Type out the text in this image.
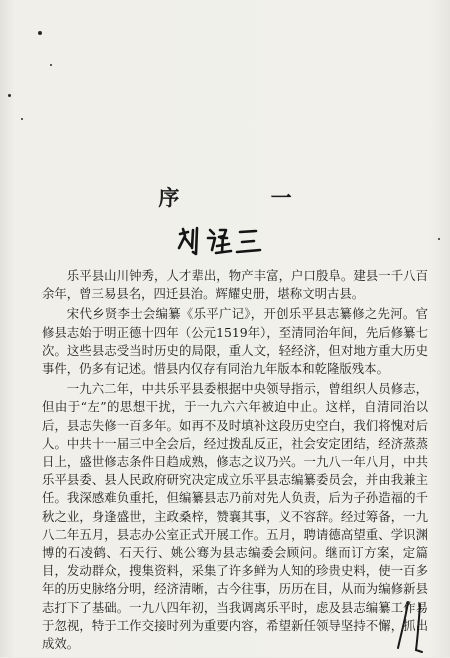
序 一

乐平县山川钟秀，人才辈出，物产丰富，户口殷阜。建县一千八百余年，曾三易县名，四迁县治。辉耀史册，堪称文明古县。

宋代乡贤李士会编纂《乐平广记》，开创乐平县志纂修之先河。官修县志始于明正德十四年（公元1519年），至清同治年间，先后修纂七次。这些县志受当时历史的局限，重人文，轻经济，但对地方重大历史事件，仍多有记述。惜县内仅存有同治九年版本和乾隆版残本。

一九六二年，中共乐平县委根据中央领导指示，曾组织人员修志，但由于“左”的思想干扰，于一九六六年被迫中止。这样，自清同治以后，县志失修一百多年。如再不及时填补这段历史空白，我们将愧对后人。中共十一届三中全会后，经过拨乱反正，社会安定团结，经济蒸蒸日上，盛世修志条件日趋成熟，修志之议乃兴。一九八一年八月，中共乐平县委、县人民政府研究决定成立乐平县志编纂委员会，并由我兼主任。我深感难负重托，但编纂县志乃前对先人负责，后为子孙造福的千秋之业，身逢盛世，主政桑梓，赞襄其事，义不容辞。经过筹备，一九八二年五月，县志办公室正式开展工作。五月，聘请德高望重、学识渊博的石凌鹤、石天行、姚公骞为县志编委会顾问。继而订方案，定篇目，发动群众，搜集资料，采集了许多鲜为人知的珍贵史料，使一百多年的历史脉络分明，经济清晰，古今往事，历历在目，从而为编修新县志打下了基础。一九八四年初，当我调离乐平时，虑及县志编纂工作易于忽视，特于工作交接时列为重要内容，希望新任领导坚持不懈，抓出成效。
